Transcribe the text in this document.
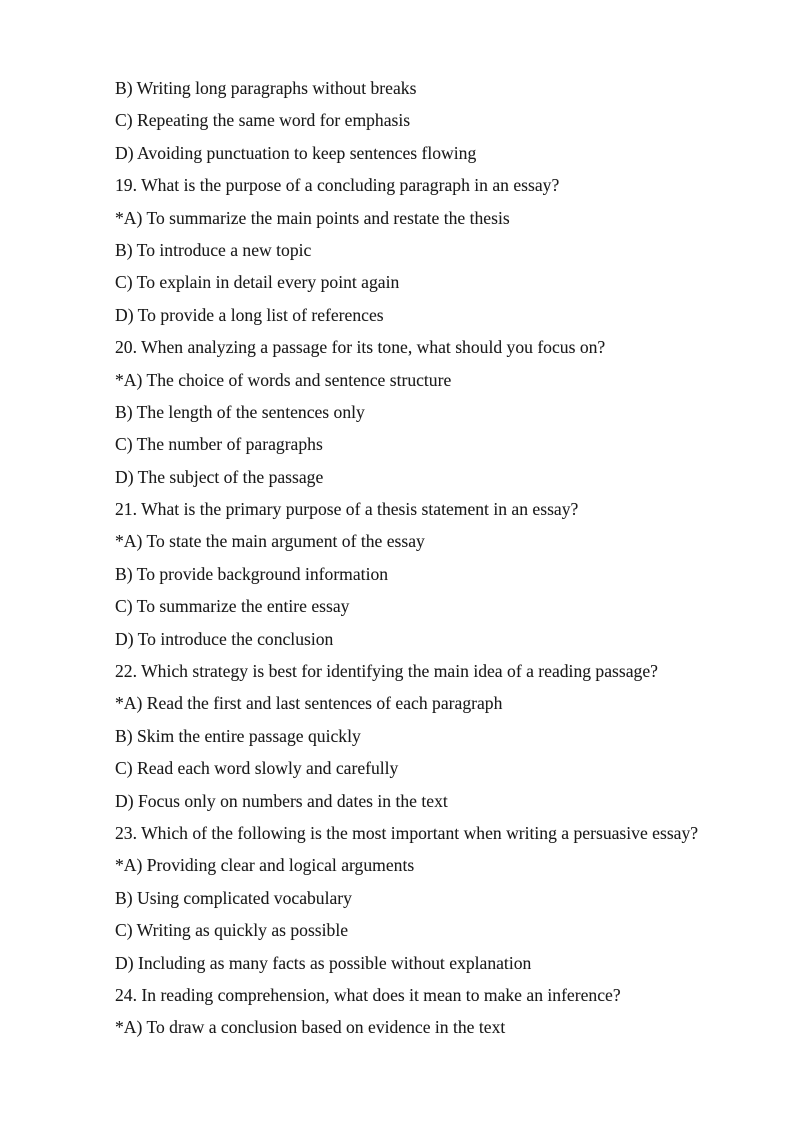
B) Writing long paragraphs without breaks
C) Repeating the same word for emphasis
D) Avoiding punctuation to keep sentences flowing
19. What is the purpose of a concluding paragraph in an essay?
*A) To summarize the main points and restate the thesis
B) To introduce a new topic
C) To explain in detail every point again
D) To provide a long list of references
20. When analyzing a passage for its tone, what should you focus on?
*A) The choice of words and sentence structure
B) The length of the sentences only
C) The number of paragraphs
D) The subject of the passage
21. What is the primary purpose of a thesis statement in an essay?
*A) To state the main argument of the essay
B) To provide background information
C) To summarize the entire essay
D) To introduce the conclusion
22. Which strategy is best for identifying the main idea of a reading passage?
*A) Read the first and last sentences of each paragraph
B) Skim the entire passage quickly
C) Read each word slowly and carefully
D) Focus only on numbers and dates in the text
23. Which of the following is the most important when writing a persuasive essay?
*A) Providing clear and logical arguments
B) Using complicated vocabulary
C) Writing as quickly as possible
D) Including as many facts as possible without explanation
24. In reading comprehension, what does it mean to make an inference?
*A) To draw a conclusion based on evidence in the text
